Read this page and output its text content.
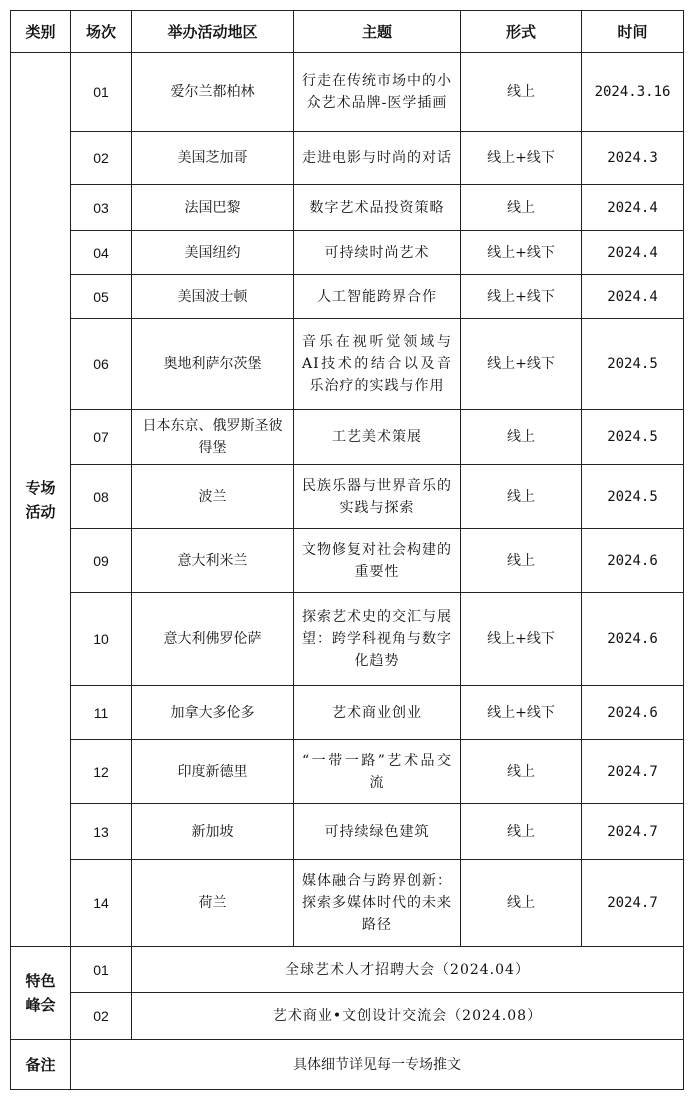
类别	场次	举办活动地区	主题	形式	时间
专场活动	01	爱尔兰都柏林	行走在传统市场中的小众艺术品牌-医学插画	线上	2024.3.16
	02	美国芝加哥	走进电影与时尚的对话	线上+线下	2024.3
	03	法国巴黎	数字艺术品投资策略	线上	2024.4
	04	美国纽约	可持续时尚艺术	线上+线下	2024.4
	05	美国波士顿	人工智能跨界合作	线上+线下	2024.4
	06	奥地利萨尔茨堡	音乐在视听觉领域与AI技术的结合以及音乐治疗的实践与作用	线上+线下	2024.5
	07	日本东京、俄罗斯圣彼得堡	工艺美术策展	线上	2024.5
	08	波兰	民族乐器与世界音乐的实践与探索	线上	2024.5
	09	意大利米兰	文物修复对社会构建的重要性	线上	2024.6
	10	意大利佛罗伦萨	探索艺术史的交汇与展望：跨学科视角与数字化趋势	线上+线下	2024.6
	11	加拿大多伦多	艺术商业创业	线上+线下	2024.6
	12	印度新德里	“一带一路”艺术品交流	线上	2024.7
	13	新加坡	可持续绿色建筑	线上	2024.7
	14	荷兰	媒体融合与跨界创新：探索多媒体时代的未来路径	线上	2024.7
特色峰会	01	全球艺术人才招聘大会（2024.04）			
	02	艺术商业•文创设计交流会（2024.08）			
备注	具体细节详见每一专场推文				
